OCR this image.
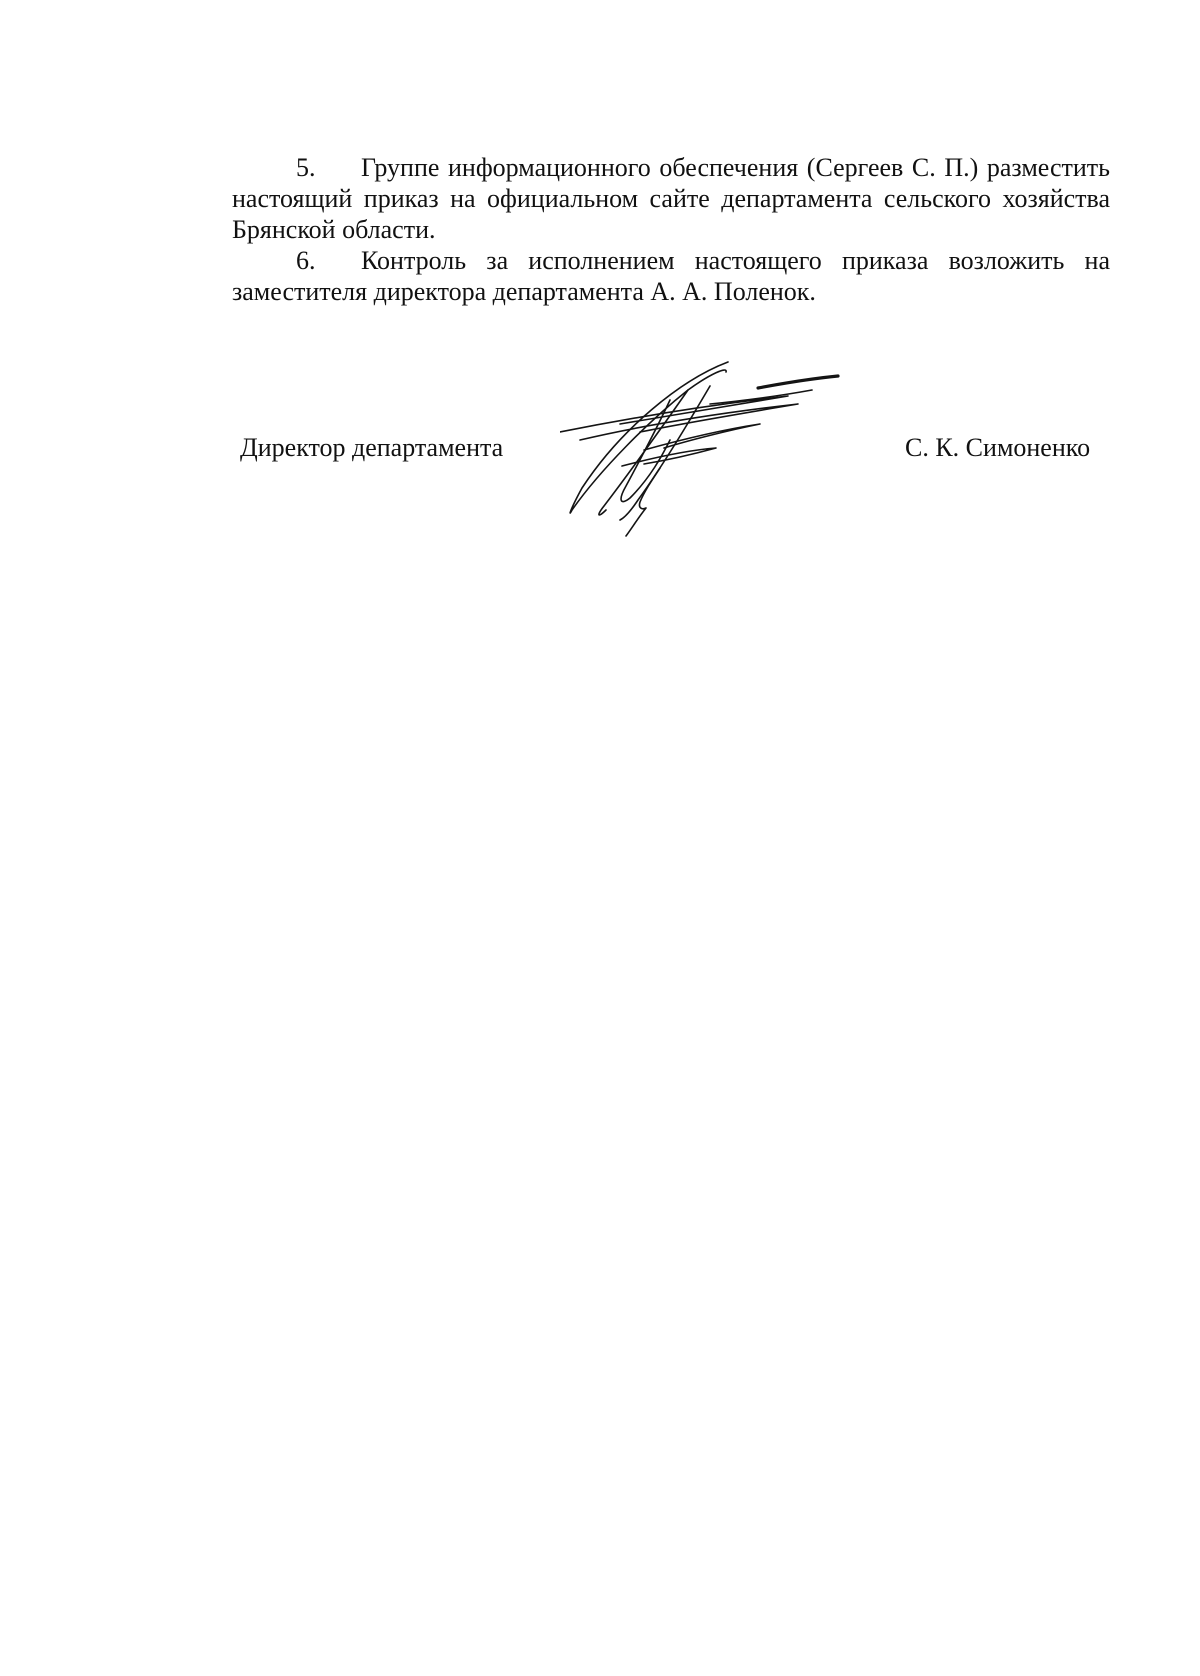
5. Группе информационного обеспечения (Сергеев С. П.) разместить настоящий приказ на официальном сайте департамента сельского хозяйства Брянской области.

6. Контроль за исполнением настоящего приказа возложить на заместителя директора департамента А. А. Поленок.

Директор департамента	С. К. Симоненко
